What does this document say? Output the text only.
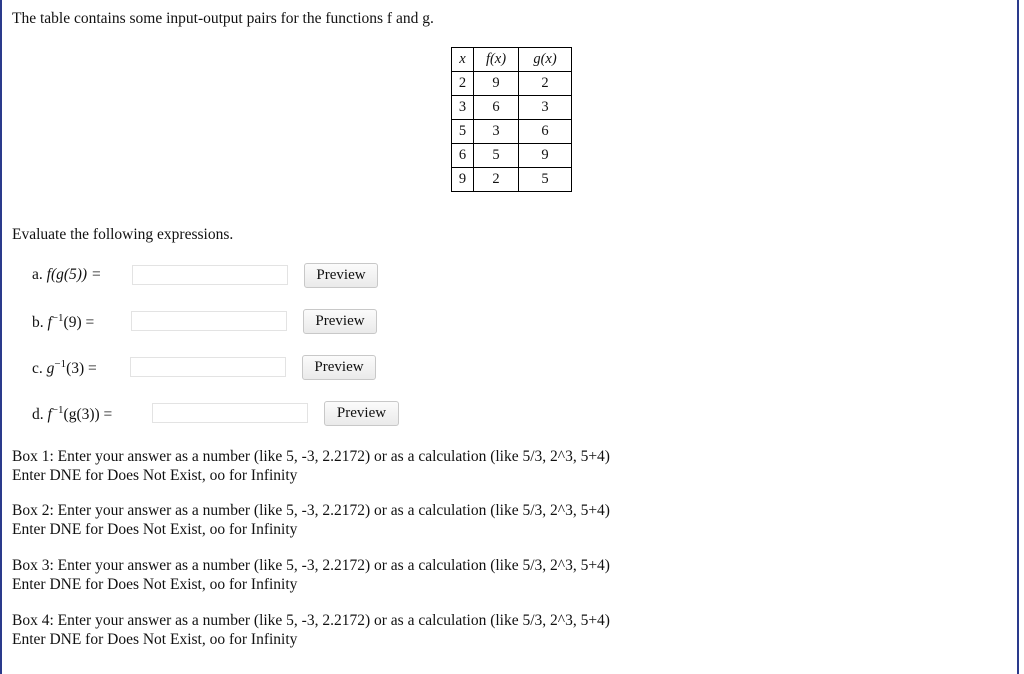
The table contains some input-output pairs for the functions f and g.
x	f(x)	g(x)
2	9	2
3	6	3
5	3	6
6	5	9
9	2	5
Evaluate the following expressions.
a. f(g(5)) =	Preview
b. $f^{-1}(9)$ =	Preview
c. $g^{-1}(3)$ =	Preview
d. $f^{-1}(g(3))$ =	Preview
Box 1: Enter your answer as a number (like 5, -3, 2.2172) or as a calculation (like 5/3, 2^3, 5+4)
Enter DNE for Does Not Exist, oo for Infinity
Box 2: Enter your answer as a number (like 5, -3, 2.2172) or as a calculation (like 5/3, 2^3, 5+4)
Enter DNE for Does Not Exist, oo for Infinity
Box 3: Enter your answer as a number (like 5, -3, 2.2172) or as a calculation (like 5/3, 2^3, 5+4)
Enter DNE for Does Not Exist, oo for Infinity
Box 4: Enter your answer as a number (like 5, -3, 2.2172) or as a calculation (like 5/3, 2^3, 5+4)
Enter DNE for Does Not Exist, oo for Infinity
